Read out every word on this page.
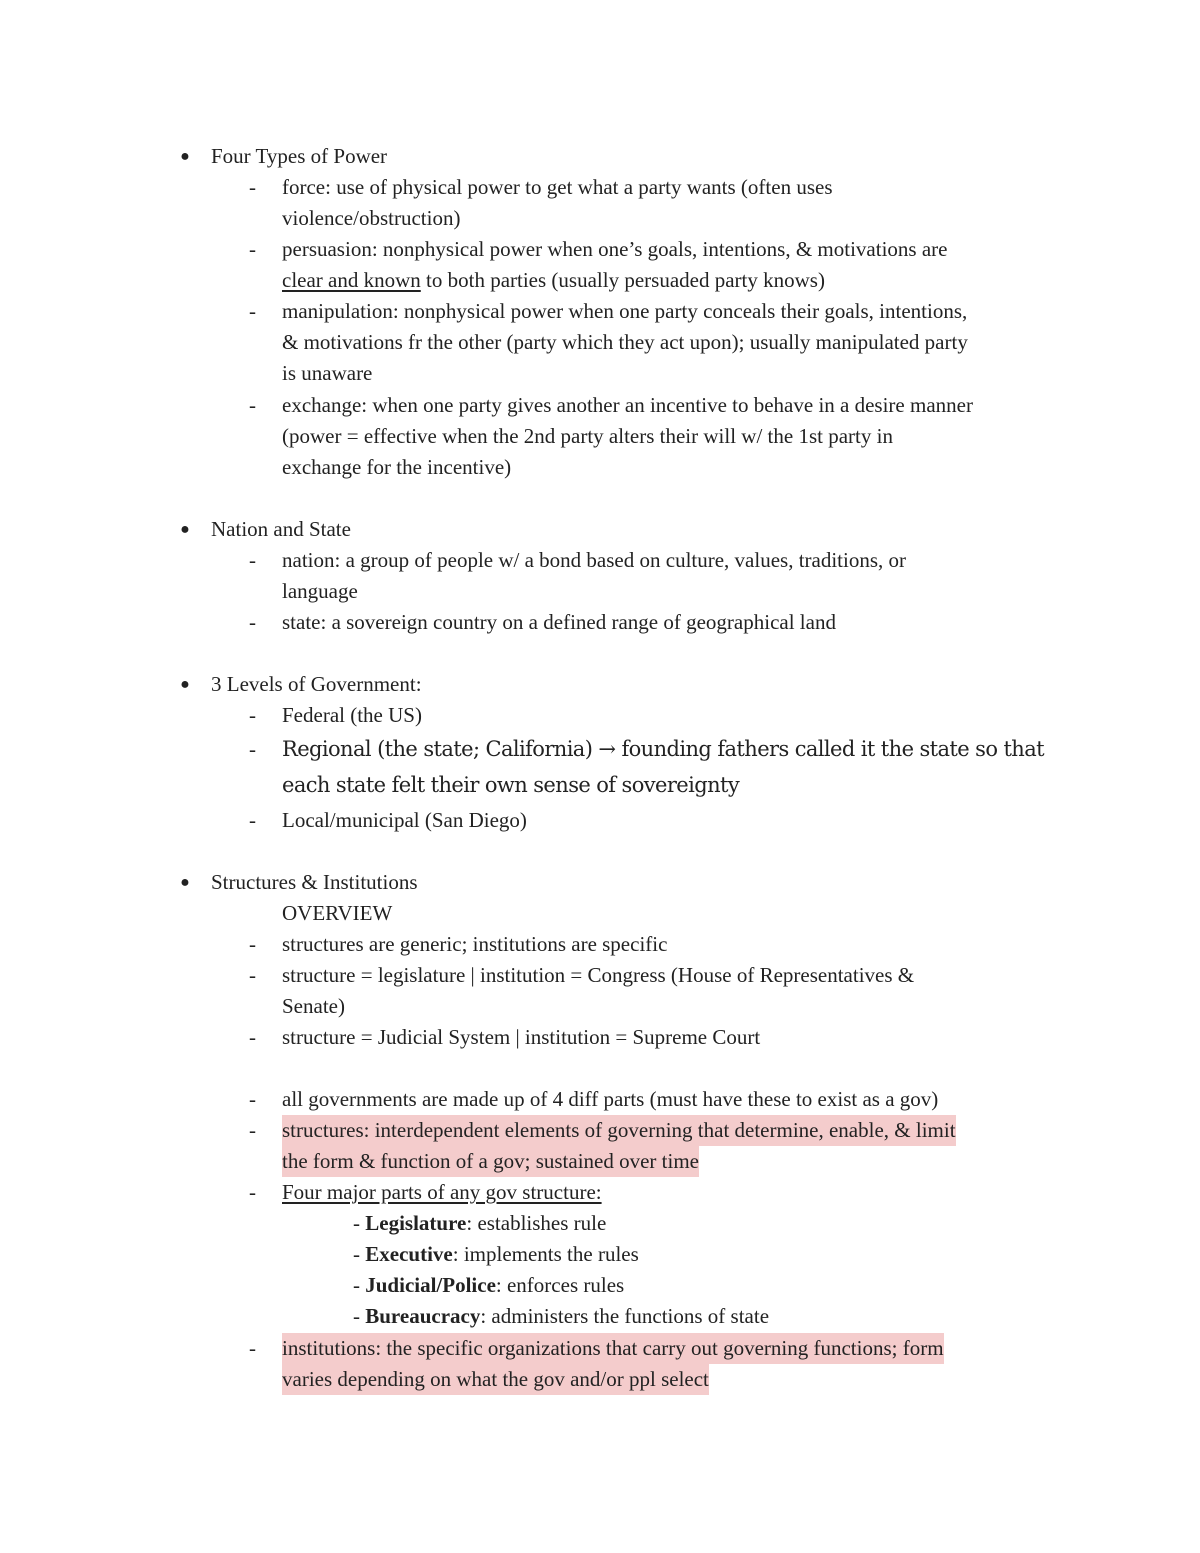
● Four Types of Power
- force: use of physical power to get what a party wants (often uses
violence/obstruction)
- persuasion: nonphysical power when one’s goals, intentions, & motivations are
clear and known to both parties (usually persuaded party knows)
- manipulation: nonphysical power when one party conceals their goals, intentions,
& motivations fr the other (party which they act upon); usually manipulated party
is unaware
- exchange: when one party gives another an incentive to behave in a desire manner
(power = effective when the 2nd party alters their will w/ the 1st party in
exchange for the incentive)
● Nation and State
- nation: a group of people w/ a bond based on culture, values, traditions, or
language
- state: a sovereign country on a defined range of geographical land
● 3 Levels of Government:
- Federal (the US)
- Regional (the state; California) → founding fathers called it the state so that
each state felt their own sense of sovereignty
- Local/municipal (San Diego)
● Structures & Institutions
OVERVIEW
- structures are generic; institutions are specific
- structure = legislature | institution = Congress (House of Representatives &
Senate)
- structure = Judicial System | institution = Supreme Court
- all governments are made up of 4 diff parts (must have these to exist as a gov)
- structures: interdependent elements of governing that determine, enable, & limit
the form & function of a gov; sustained over time
- Four major parts of any gov structure:
- Legislature: establishes rule
- Executive: implements the rules
- Judicial/Police: enforces rules
- Bureaucracy: administers the functions of state
- institutions: the specific organizations that carry out governing functions; form
varies depending on what the gov and/or ppl select
